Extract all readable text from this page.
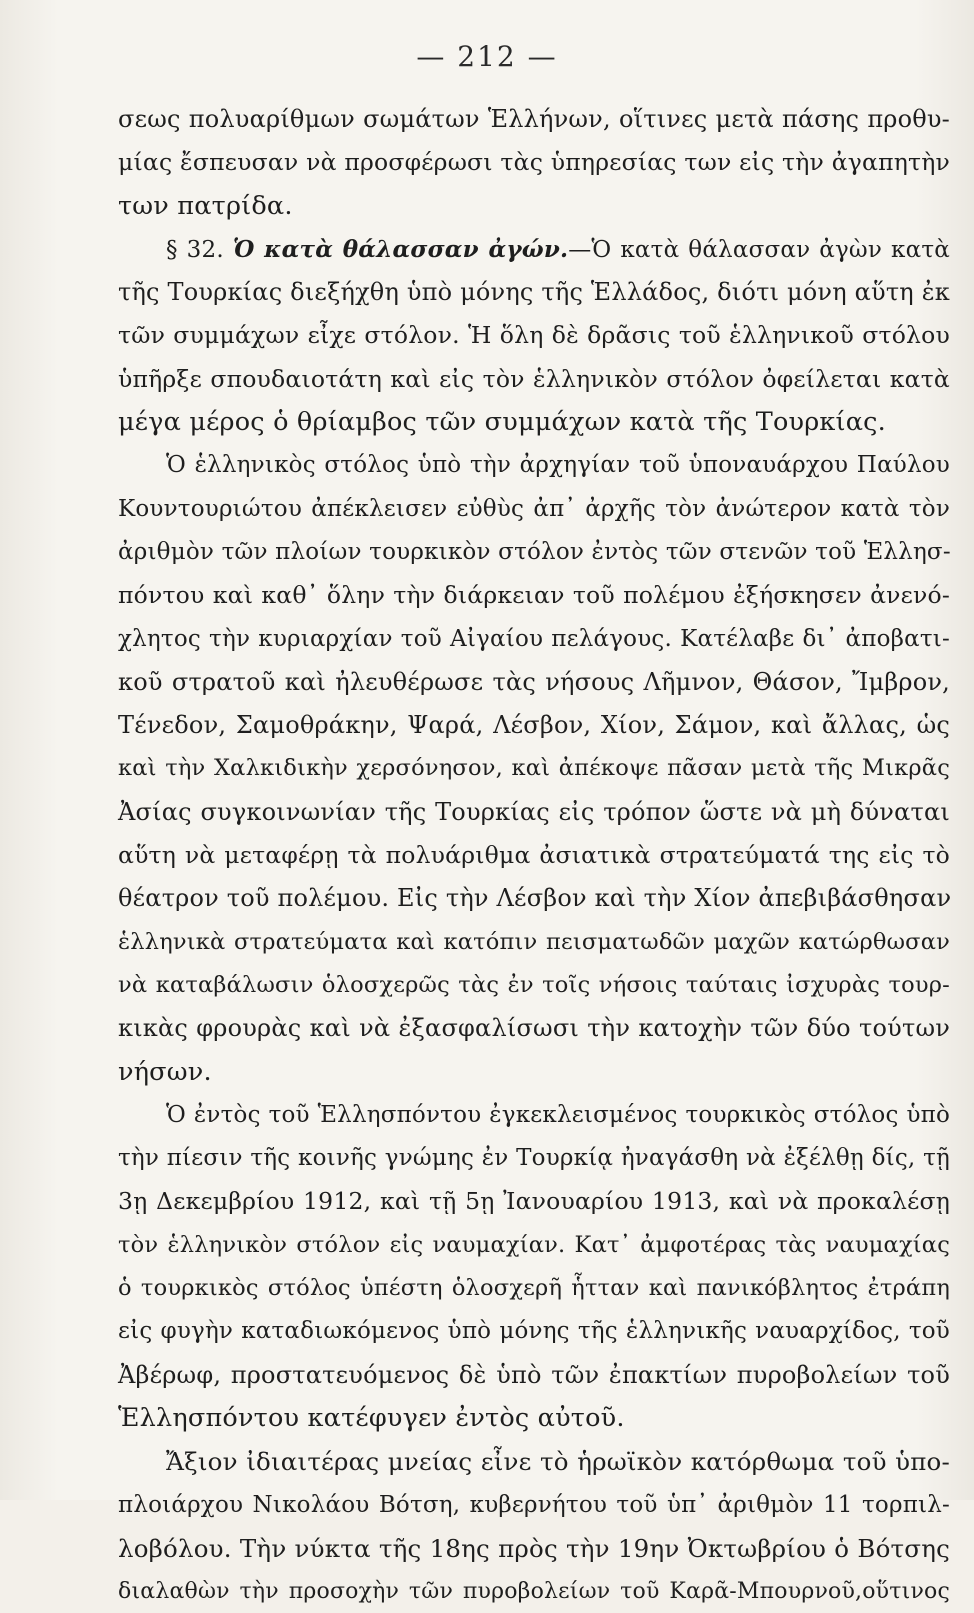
— 212 —
σεως πολυαρίθμων σωμάτων Ἑλλήνων, οἵτινες μετὰ πάσης προθυ-
μίας ἔσπευσαν νὰ προσφέρωσι τὰς ὑπηρεσίας των εἰς τὴν ἀγαπητὴν
των πατρίδα.
§ 32. Ὁ κατὰ θάλασσαν ἀγών.—Ὁ κατὰ θάλασσαν ἀγὼν κατὰ
τῆς Τουρκίας διεξήχθη ὑπὸ μόνης τῆς Ἑλλάδος, διότι μόνη αὕτη ἐκ
τῶν συμμάχων εἶχε στόλον. Ἡ ὅλη δὲ δρᾶσις τοῦ ἑλληνικοῦ στόλου
ὑπῆρξε σπουδαιοτάτη καὶ εἰς τὸν ἑλληνικὸν στόλον ὀφείλεται κατὰ
μέγα μέρος ὁ θρίαμβος τῶν συμμάχων κατὰ τῆς Τουρκίας.
Ὁ ἑλληνικὸς στόλος ὑπὸ τὴν ἀρχηγίαν τοῦ ὑποναυάρχου Παύλου
Κουντουριώτου ἀπέκλεισεν εὐθὺς ἀπ᾿ ἀρχῆς τὸν ἀνώτερον κατὰ τὸν
ἀριθμὸν τῶν πλοίων τουρκικὸν στόλον ἐντὸς τῶν στενῶν τοῦ Ἑλλησ-
πόντου καὶ καθ᾿ ὅλην τὴν διάρκειαν τοῦ πολέμου ἐξήσκησεν ἀνενό-
χλητος τὴν κυριαρχίαν τοῦ Αἰγαίου πελάγους. Κατέλαβε δι᾿ ἀποβατι-
κοῦ στρατοῦ καὶ ἠλευθέρωσε τὰς νήσους Λῆμνον, Θάσον, Ἴμβρον,
Τένεδον, Σαμοθράκην, Ψαρά, Λέσβον, Χίον, Σάμον, καὶ ἄλλας, ὡς
καὶ τὴν Χαλκιδικὴν χερσόνησον, καὶ ἀπέκοψε πᾶσαν μετὰ τῆς Μικρᾶς
Ἀσίας συγκοινωνίαν τῆς Τουρκίας εἰς τρόπον ὥστε νὰ μὴ δύναται
αὕτη νὰ μεταφέρῃ τὰ πολυάριθμα ἀσιατικὰ στρατεύματά της εἰς τὸ
θέατρον τοῦ πολέμου. Εἰς τὴν Λέσβον καὶ τὴν Χίον ἀπεβιβάσθησαν
ἑλληνικὰ στρατεύματα καὶ κατόπιν πεισματωδῶν μαχῶν κατώρθωσαν
νὰ καταβάλωσιν ὁλοσχερῶς τὰς ἐν τοῖς νήσοις ταύταις ἰσχυρὰς τουρ-
κικὰς φρουρὰς καὶ νὰ ἐξασφαλίσωσι τὴν κατοχὴν τῶν δύο τούτων
νήσων.
Ὁ ἐντὸς τοῦ Ἑλλησπόντου ἐγκεκλεισμένος τουρκικὸς στόλος ὑπὸ
τὴν πίεσιν τῆς κοινῆς γνώμης ἐν Τουρκίᾳ ἠναγάσθη νὰ ἐξέλθῃ δίς, τῇ
3ῃ Δεκεμβρίου 1912, καὶ τῇ 5ῃ Ἰανουαρίου 1913, καὶ νὰ προκαλέσῃ
τὸν ἑλληνικὸν στόλον εἰς ναυμαχίαν. Κατ᾿ ἀμφοτέρας τὰς ναυμαχίας
ὁ τουρκικὸς στόλος ὑπέστη ὁλοσχερῆ ἧτταν καὶ πανικόβλητος ἐτράπη
εἰς φυγὴν καταδιωκόμενος ὑπὸ μόνης τῆς ἑλληνικῆς ναυαρχίδος, τοῦ
Ἀβέρωφ, προστατευόμενος δὲ ὑπὸ τῶν ἐπακτίων πυροβολείων τοῦ
Ἑλλησπόντου κατέφυγεν ἐντὸς αὐτοῦ.
Ἄξιον ἰδιαιτέρας μνείας εἶνε τὸ ἡρωϊκὸν κατόρθωμα τοῦ ὑπο-
πλοιάρχου Νικολάου Βότση, κυβερνήτου τοῦ ὑπ᾿ ἀριθμὸν 11 τορπιλ-
λοβόλου. Τὴν νύκτα τῆς 18ης πρὸς τὴν 19ην Ὀκτωβρίου ὁ Βότσης
διαλαθὼν τὴν προσοχὴν τῶν πυροβολείων τοῦ Καρᾶ-Μπουρνοῦ,οὕτινος
